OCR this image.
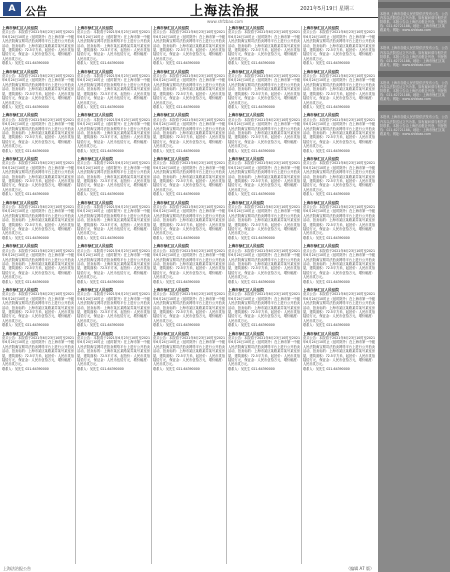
A 公告	上海法治报	2021年5月19日 星期三
www.shfzbao.com
上海市徐汇区人民法院
竞买公告：本院将于2021年6月23日10时至2021年6月24日10时止（延时除外）在上海市第一中级人民法院淘宝网司法拍卖网络平台上进行公开拍卖活动，拍卖标的：上海市某区某路某弄某号某室房屋，建筑面积：72.5平方米，起拍价：人民币贰佰陆拾万元，保证金：人民币伍拾万元，增价幅度：人民币贰万元。
联系人：吴先生 021-64390000
上海市徐汇区人民法院
竞买公告：本院将于2021年6月23日10时至2021年6月24日10时止（延时除外）在上海市第一中级人民法院淘宝网司法拍卖网络平台上进行公开拍卖活动，拍卖标的：上海市某区某路某弄某号某室房屋，建筑面积：72.5平方米，起拍价：人民币贰佰陆拾万元，保证金：人民币伍拾万元，增价幅度：人民币贰万元。
联系人：吴先生 021-64390000
上海市徐汇区人民法院
竞买公告：本院将于2021年6月23日10时至2021年6月24日10时止（延时除外）在上海市第一中级人民法院淘宝网司法拍卖网络平台上进行公开拍卖活动，拍卖标的：上海市某区某路某弄某号某室房屋，建筑面积：72.5平方米，起拍价：人民币贰佰陆拾万元，保证金：人民币伍拾万元，增价幅度：人民币贰万元。
联系人：吴先生 021-64390000
上海市徐汇区人民法院
竞买公告：本院将于2021年6月23日10时至2021年6月24日10时止（延时除外）在上海市第一中级人民法院淘宝网司法拍卖网络平台上进行公开拍卖活动，拍卖标的：上海市某区某路某弄某号某室房屋，建筑面积：72.5平方米，起拍价：人民币贰佰陆拾万元，保证金：人民币伍拾万元，增价幅度：人民币贰万元。
联系人：吴先生 021-64390000
上海市徐汇区人民法院
竞买公告：本院将于2021年6月23日10时至2021年6月24日10时止（延时除外）在上海市第一中级人民法院淘宝网司法拍卖网络平台上进行公开拍卖活动，拍卖标的：上海市某区某路某弄某号某室房屋，建筑面积：72.5平方米，起拍价：人民币贰佰陆拾万元，保证金：人民币伍拾万元，增价幅度：人民币贰万元。
联系人：吴先生 021-64390000
上海市徐汇区人民法院
竞买公告：本院将于2021年6月23日10时至2021年6月24日10时止（延时除外）在上海市第一中级人民法院淘宝网司法拍卖网络平台上进行公开拍卖活动，拍卖标的：上海市某区某路某弄某号某室房屋，建筑面积：72.5平方米，起拍价：人民币贰佰陆拾万元，保证金：人民币伍拾万元，增价幅度：人民币贰万元。
联系人：吴先生 021-64390000
上海市徐汇区人民法院
竞买公告：本院将于2021年6月23日10时至2021年6月24日10时止（延时除外）在上海市第一中级人民法院淘宝网司法拍卖网络平台上进行公开拍卖活动，拍卖标的：上海市某区某路某弄某号某室房屋，建筑面积：72.5平方米，起拍价：人民币贰佰陆拾万元，保证金：人民币伍拾万元，增价幅度：人民币贰万元。
联系人：吴先生 021-64390000
上海市徐汇区人民法院
竞买公告：本院将于2021年6月23日10时至2021年6月24日10时止（延时除外）在上海市第一中级人民法院淘宝网司法拍卖网络平台上进行公开拍卖活动，拍卖标的：上海市某区某路某弄某号某室房屋，建筑面积：72.5平方米，起拍价：人民币贰佰陆拾万元，保证金：人民币伍拾万元，增价幅度：人民币贰万元。
联系人：吴先生 021-64390000
上海市徐汇区人民法院
竞买公告：本院将于2021年6月23日10时至2021年6月24日10时止（延时除外）在上海市第一中级人民法院淘宝网司法拍卖网络平台上进行公开拍卖活动，拍卖标的：上海市某区某路某弄某号某室房屋，建筑面积：72.5平方米，起拍价：人民币贰佰陆拾万元，保证金：人民币伍拾万元，增价幅度：人民币贰万元。
联系人：吴先生 021-64390000
上海市徐汇区人民法院
竞买公告：本院将于2021年6月23日10时至2021年6月24日10时止（延时除外）在上海市第一中级人民法院淘宝网司法拍卖网络平台上进行公开拍卖活动，拍卖标的：上海市某区某路某弄某号某室房屋，建筑面积：72.5平方米，起拍价：人民币贰佰陆拾万元，保证金：人民币伍拾万元，增价幅度：人民币贰万元。
联系人：吴先生 021-64390000
上海市徐汇区人民法院
竞买公告：本院将于2021年6月23日10时至2021年6月24日10时止（延时除外）在上海市第一中级人民法院淘宝网司法拍卖网络平台上进行公开拍卖活动，拍卖标的：上海市某区某路某弄某号某室房屋，建筑面积：72.5平方米，起拍价：人民币贰佰陆拾万元，保证金：人民币伍拾万元，增价幅度：人民币贰万元。
联系人：吴先生 021-64390000
上海市徐汇区人民法院
竞买公告：本院将于2021年6月23日10时至2021年6月24日10时止（延时除外）在上海市第一中级人民法院淘宝网司法拍卖网络平台上进行公开拍卖活动，拍卖标的：上海市某区某路某弄某号某室房屋，建筑面积：72.5平方米，起拍价：人民币贰佰陆拾万元，保证金：人民币伍拾万元，增价幅度：人民币贰万元。
联系人：吴先生 021-64390000
上海市徐汇区人民法院
竞买公告：本院将于2021年6月23日10时至2021年6月24日10时止（延时除外）在上海市第一中级人民法院淘宝网司法拍卖网络平台上进行公开拍卖活动，拍卖标的：上海市某区某路某弄某号某室房屋，建筑面积：72.5平方米，起拍价：人民币贰佰陆拾万元，保证金：人民币伍拾万元，增价幅度：人民币贰万元。
联系人：吴先生 021-64390000
上海市徐汇区人民法院
竞买公告：本院将于2021年6月23日10时至2021年6月24日10时止（延时除外）在上海市第一中级人民法院淘宝网司法拍卖网络平台上进行公开拍卖活动，拍卖标的：上海市某区某路某弄某号某室房屋，建筑面积：72.5平方米，起拍价：人民币贰佰陆拾万元，保证金：人民币伍拾万元，增价幅度：人民币贰万元。
联系人：吴先生 021-64390000
上海市徐汇区人民法院
竞买公告：本院将于2021年6月23日10时至2021年6月24日10时止（延时除外）在上海市第一中级人民法院淘宝网司法拍卖网络平台上进行公开拍卖活动，拍卖标的：上海市某区某路某弄某号某室房屋，建筑面积：72.5平方米，起拍价：人民币贰佰陆拾万元，保证金：人民币伍拾万元，增价幅度：人民币贰万元。
联系人：吴先生 021-64390000
上海市徐汇区人民法院
竞买公告：本院将于2021年6月23日10时至2021年6月24日10时止（延时除外）在上海市第一中级人民法院淘宝网司法拍卖网络平台上进行公开拍卖活动，拍卖标的：上海市某区某路某弄某号某室房屋，建筑面积：72.5平方米，起拍价：人民币贰佰陆拾万元，保证金：人民币伍拾万元，增价幅度：人民币贰万元。
联系人：吴先生 021-64390000
上海市徐汇区人民法院
竞买公告：本院将于2021年6月23日10时至2021年6月24日10时止（延时除外）在上海市第一中级人民法院淘宝网司法拍卖网络平台上进行公开拍卖活动，拍卖标的：上海市某区某路某弄某号某室房屋，建筑面积：72.5平方米，起拍价：人民币贰佰陆拾万元，保证金：人民币伍拾万元，增价幅度：人民币贰万元。
联系人：吴先生 021-64390000
上海市徐汇区人民法院
竞买公告：本院将于2021年6月23日10时至2021年6月24日10时止（延时除外）在上海市第一中级人民法院淘宝网司法拍卖网络平台上进行公开拍卖活动，拍卖标的：上海市某区某路某弄某号某室房屋，建筑面积：72.5平方米，起拍价：人民币贰佰陆拾万元，保证金：人民币伍拾万元，增价幅度：人民币贰万元。
联系人：吴先生 021-64390000
上海市徐汇区人民法院
竞买公告：本院将于2021年6月23日10时至2021年6月24日10时止（延时除外）在上海市第一中级人民法院淘宝网司法拍卖网络平台上进行公开拍卖活动，拍卖标的：上海市某区某路某弄某号某室房屋，建筑面积：72.5平方米，起拍价：人民币贰佰陆拾万元，保证金：人民币伍拾万元，增价幅度：人民币贰万元。
联系人：吴先生 021-64390000
上海市徐汇区人民法院
竞买公告：本院将于2021年6月23日10时至2021年6月24日10时止（延时除外）在上海市第一中级人民法院淘宝网司法拍卖网络平台上进行公开拍卖活动，拍卖标的：上海市某区某路某弄某号某室房屋，建筑面积：72.5平方米，起拍价：人民币贰佰陆拾万元，保证金：人民币伍拾万元，增价幅度：人民币贰万元。
联系人：吴先生 021-64390000
上海市徐汇区人民法院
竞买公告：本院将于2021年6月23日10时至2021年6月24日10时止（延时除外）在上海市第一中级人民法院淘宝网司法拍卖网络平台上进行公开拍卖活动，拍卖标的：上海市某区某路某弄某号某室房屋，建筑面积：72.5平方米，起拍价：人民币贰佰陆拾万元，保证金：人民币伍拾万元，增价幅度：人民币贰万元。
联系人：吴先生 021-64390000
上海市徐汇区人民法院
竞买公告：本院将于2021年6月23日10时至2021年6月24日10时止（延时除外）在上海市第一中级人民法院淘宝网司法拍卖网络平台上进行公开拍卖活动，拍卖标的：上海市某区某路某弄某号某室房屋，建筑面积：72.5平方米，起拍价：人民币贰佰陆拾万元，保证金：人民币伍拾万元，增价幅度：人民币贰万元。
联系人：吴先生 021-64390000
上海市徐汇区人民法院
竞买公告：本院将于2021年6月23日10时至2021年6月24日10时止（延时除外）在上海市第一中级人民法院淘宝网司法拍卖网络平台上进行公开拍卖活动，拍卖标的：上海市某区某路某弄某号某室房屋，建筑面积：72.5平方米，起拍价：人民币贰佰陆拾万元，保证金：人民币伍拾万元，增价幅度：人民币贰万元。
联系人：吴先生 021-64390000
上海市徐汇区人民法院
竞买公告：本院将于2021年6月23日10时至2021年6月24日10时止（延时除外）在上海市第一中级人民法院淘宝网司法拍卖网络平台上进行公开拍卖活动，拍卖标的：上海市某区某路某弄某号某室房屋，建筑面积：72.5平方米，起拍价：人民币贰佰陆拾万元，保证金：人民币伍拾万元，增价幅度：人民币贰万元。
联系人：吴先生 021-64390000
上海市徐汇区人民法院
竞买公告：本院将于2021年6月23日10时至2021年6月24日10时止（延时除外）在上海市第一中级人民法院淘宝网司法拍卖网络平台上进行公开拍卖活动，拍卖标的：上海市某区某路某弄某号某室房屋，建筑面积：72.5平方米，起拍价：人民币贰佰陆拾万元，保证金：人民币伍拾万元，增价幅度：人民币贰万元。
联系人：吴先生 021-64390000
上海市徐汇区人民法院
竞买公告：本院将于2021年6月23日10时至2021年6月24日10时止（延时除外）在上海市第一中级人民法院淘宝网司法拍卖网络平台上进行公开拍卖活动，拍卖标的：上海市某区某路某弄某号某室房屋，建筑面积：72.5平方米，起拍价：人民币贰佰陆拾万元，保证金：人民币伍拾万元，增价幅度：人民币贰万元。
联系人：吴先生 021-64390000
上海市徐汇区人民法院
竞买公告：本院将于2021年6月23日10时至2021年6月24日10时止（延时除外）在上海市第一中级人民法院淘宝网司法拍卖网络平台上进行公开拍卖活动，拍卖标的：上海市某区某路某弄某号某室房屋，建筑面积：72.5平方米，起拍价：人民币贰佰陆拾万元，保证金：人民币伍拾万元，增价幅度：人民币贰万元。
联系人：吴先生 021-64390000
上海市徐汇区人民法院
竞买公告：本院将于2021年6月23日10时至2021年6月24日10时止（延时除外）在上海市第一中级人民法院淘宝网司法拍卖网络平台上进行公开拍卖活动，拍卖标的：上海市某区某路某弄某号某室房屋，建筑面积：72.5平方米，起拍价：人民币贰佰陆拾万元，保证金：人民币伍拾万元，增价幅度：人民币贰万元。
联系人：吴先生 021-64390000
上海市徐汇区人民法院
竞买公告：本院将于2021年6月23日10时至2021年6月24日10时止（延时除外）在上海市第一中级人民法院淘宝网司法拍卖网络平台上进行公开拍卖活动，拍卖标的：上海市某区某路某弄某号某室房屋，建筑面积：72.5平方米，起拍价：人民币贰佰陆拾万元，保证金：人民币伍拾万元，增价幅度：人民币贰万元。
联系人：吴先生 021-64390000
上海市徐汇区人民法院
竞买公告：本院将于2021年6月23日10时至2021年6月24日10时止（延时除外）在上海市第一中级人民法院淘宝网司法拍卖网络平台上进行公开拍卖活动，拍卖标的：上海市某区某路某弄某号某室房屋，建筑面积：72.5平方米，起拍价：人民币贰佰陆拾万元，保证金：人民币伍拾万元，增价幅度：人民币贰万元。
联系人：吴先生 021-64390000
上海市徐汇区人民法院
竞买公告：本院将于2021年6月23日10时至2021年6月24日10时止（延时除外）在上海市第一中级人民法院淘宝网司法拍卖网络平台上进行公开拍卖活动，拍卖标的：上海市某区某路某弄某号某室房屋，建筑面积：72.5平方米，起拍价：人民币贰佰陆拾万元，保证金：人民币伍拾万元，增价幅度：人民币贰万元。
联系人：吴先生 021-64390000
上海市徐汇区人民法院
竞买公告：本院将于2021年6月23日10时至2021年6月24日10时止（延时除外）在上海市第一中级人民法院淘宝网司法拍卖网络平台上进行公开拍卖活动，拍卖标的：上海市某区某路某弄某号某室房屋，建筑面积：72.5平方米，起拍价：人民币贰佰陆拾万元，保证金：人民币伍拾万元，增价幅度：人民币贰万元。
联系人：吴先生 021-64390000
上海市徐汇区人民法院
竞买公告：本院将于2021年6月23日10时至2021年6月24日10时止（延时除外）在上海市第一中级人民法院淘宝网司法拍卖网络平台上进行公开拍卖活动，拍卖标的：上海市某区某路某弄某号某室房屋，建筑面积：72.5平方米，起拍价：人民币贰佰陆拾万元，保证金：人民币伍拾万元，增价幅度：人民币贰万元。
联系人：吴先生 021-64390000
上海市徐汇区人民法院
竞买公告：本院将于2021年6月23日10时至2021年6月24日10时止（延时除外）在上海市第一中级人民法院淘宝网司法拍卖网络平台上进行公开拍卖活动，拍卖标的：上海市某区某路某弄某号某室房屋，建筑面积：72.5平方米，起拍价：人民币贰佰陆拾万元，保证金：人民币伍拾万元，增价幅度：人民币贰万元。
联系人：吴先生 021-64390000
上海市徐汇区人民法院
竞买公告：本院将于2021年6月23日10时至2021年6月24日10时止（延时除外）在上海市第一中级人民法院淘宝网司法拍卖网络平台上进行公开拍卖活动，拍卖标的：上海市某区某路某弄某号某室房屋，建筑面积：72.5平方米，起拍价：人民币贰佰陆拾万元，保证金：人民币伍拾万元，增价幅度：人民币贰万元。
联系人：吴先生 021-64390000
上海市徐汇区人民法院
竞买公告：本院将于2021年6月23日10时至2021年6月24日10时止（延时除外）在上海市第一中级人民法院淘宝网司法拍卖网络平台上进行公开拍卖活动，拍卖标的：上海市某区某路某弄某号某室房屋，建筑面积：72.5平方米，起拍价：人民币贰佰陆拾万元，保证金：人民币伍拾万元，增价幅度：人民币贰万元。
联系人：吴先生 021-64390000
上海市徐汇区人民法院
竞买公告：本院将于2021年6月23日10时至2021年6月24日10时止（延时除外）在上海市第一中级人民法院淘宝网司法拍卖网络平台上进行公开拍卖活动，拍卖标的：上海市某区某路某弄某号某室房屋，建筑面积：72.5平方米，起拍价：人民币贰佰陆拾万元，保证金：人民币伍拾万元，增价幅度：人民币贰万元。
联系人：吴先生 021-64390000
上海市徐汇区人民法院
竞买公告：本院将于2021年6月23日10时至2021年6月24日10时止（延时除外）在上海市第一中级人民法院淘宝网司法拍卖网络平台上进行公开拍卖活动，拍卖标的：上海市某区某路某弄某号某室房屋，建筑面积：72.5平方米，起拍价：人民币贰佰陆拾万元，保证金：人民币伍拾万元，增价幅度：人民币贰万元。
联系人：吴先生 021-64390000
上海市徐汇区人民法院
竞买公告：本院将于2021年6月23日10时至2021年6月24日10时止（延时除外）在上海市第一中级人民法院淘宝网司法拍卖网络平台上进行公开拍卖活动，拍卖标的：上海市某区某路某弄某号某室房屋，建筑面积：72.5平方米，起拍价：人民币贰佰陆拾万元，保证金：人民币伍拾万元，增价幅度：人民币贰万元。
联系人：吴先生 021-64390000
上海市徐汇区人民法院
竞买公告：本院将于2021年6月23日10时至2021年6月24日10时止（延时除外）在上海市第一中级人民法院淘宝网司法拍卖网络平台上进行公开拍卖活动，拍卖标的：上海市某区某路某弄某号某室房屋，建筑面积：72.5平方米，起拍价：人民币贰佰陆拾万元，保证金：人民币伍拾万元，增价幅度：人民币贰万元。
联系人：吴先生 021-64390000
本报讯 上海市各级人民法院依法发布公告，公告内容以法院送达文书为准。如有疑问请与相关法院联系。本版公告由上海法治报社刊登，刊登热线：021-62721188。地址：上海市徐汇区某路某号。网址：www.shfzbao.com
本报讯 上海市各级人民法院依法发布公告，公告内容以法院送达文书为准。如有疑问请与相关法院联系。本版公告由上海法治报社刊登，刊登热线：021-62721188。地址：上海市徐汇区某路某号。网址：www.shfzbao.com
本报讯 上海市各级人民法院依法发布公告，公告内容以法院送达文书为准。如有疑问请与相关法院联系。本版公告由上海法治报社刊登，刊登热线：021-62721188。地址：上海市徐汇区某路某号。网址：www.shfzbao.com
本报讯 上海市各级人民法院依法发布公告，公告内容以法院送达文书为准。如有疑问请与相关法院联系。本版公告由上海法治报社刊登，刊登热线：021-62721188。地址：上海市徐汇区某路某号。网址：www.shfzbao.com
上海法治报公告	（编辑 A7 版）
